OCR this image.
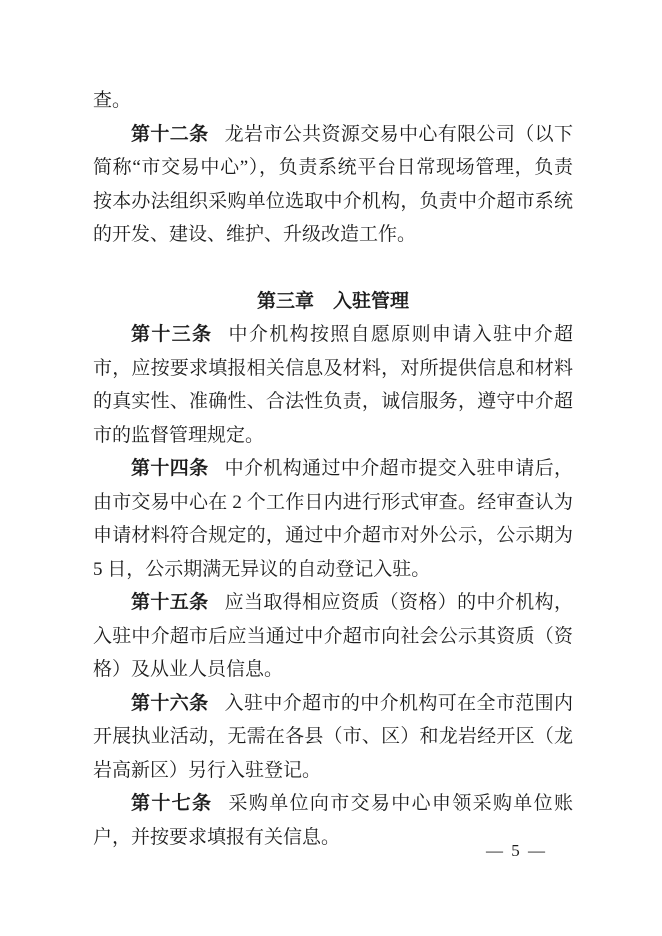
查。

第十二条 龙岩市公共资源交易中心有限公司（以下简称“市交易中心”），负责系统平台日常现场管理，负责按本办法组织采购单位选取中介机构，负责中介超市系统的开发、建设、维护、升级改造工作。

第三章　入驻管理

第十三条 中介机构按照自愿原则申请入驻中介超市，应按要求填报相关信息及材料，对所提供信息和材料的真实性、准确性、合法性负责，诚信服务，遵守中介超市的监督管理规定。

第十四条 中介机构通过中介超市提交入驻申请后，由市交易中心在 2 个工作日内进行形式审查。经审查认为申请材料符合规定的，通过中介超市对外公示，公示期为 5 日，公示期满无异议的自动登记入驻。

第十五条 应当取得相应资质（资格）的中介机构，入驻中介超市后应当通过中介超市向社会公示其资质（资格）及从业人员信息。

第十六条 入驻中介超市的中介机构可在全市范围内开展执业活动，无需在各县（市、区）和龙岩经开区（龙岩高新区）另行入驻登记。

第十七条 采购单位向市交易中心申领采购单位账户，并按要求填报有关信息。

— 5 —
